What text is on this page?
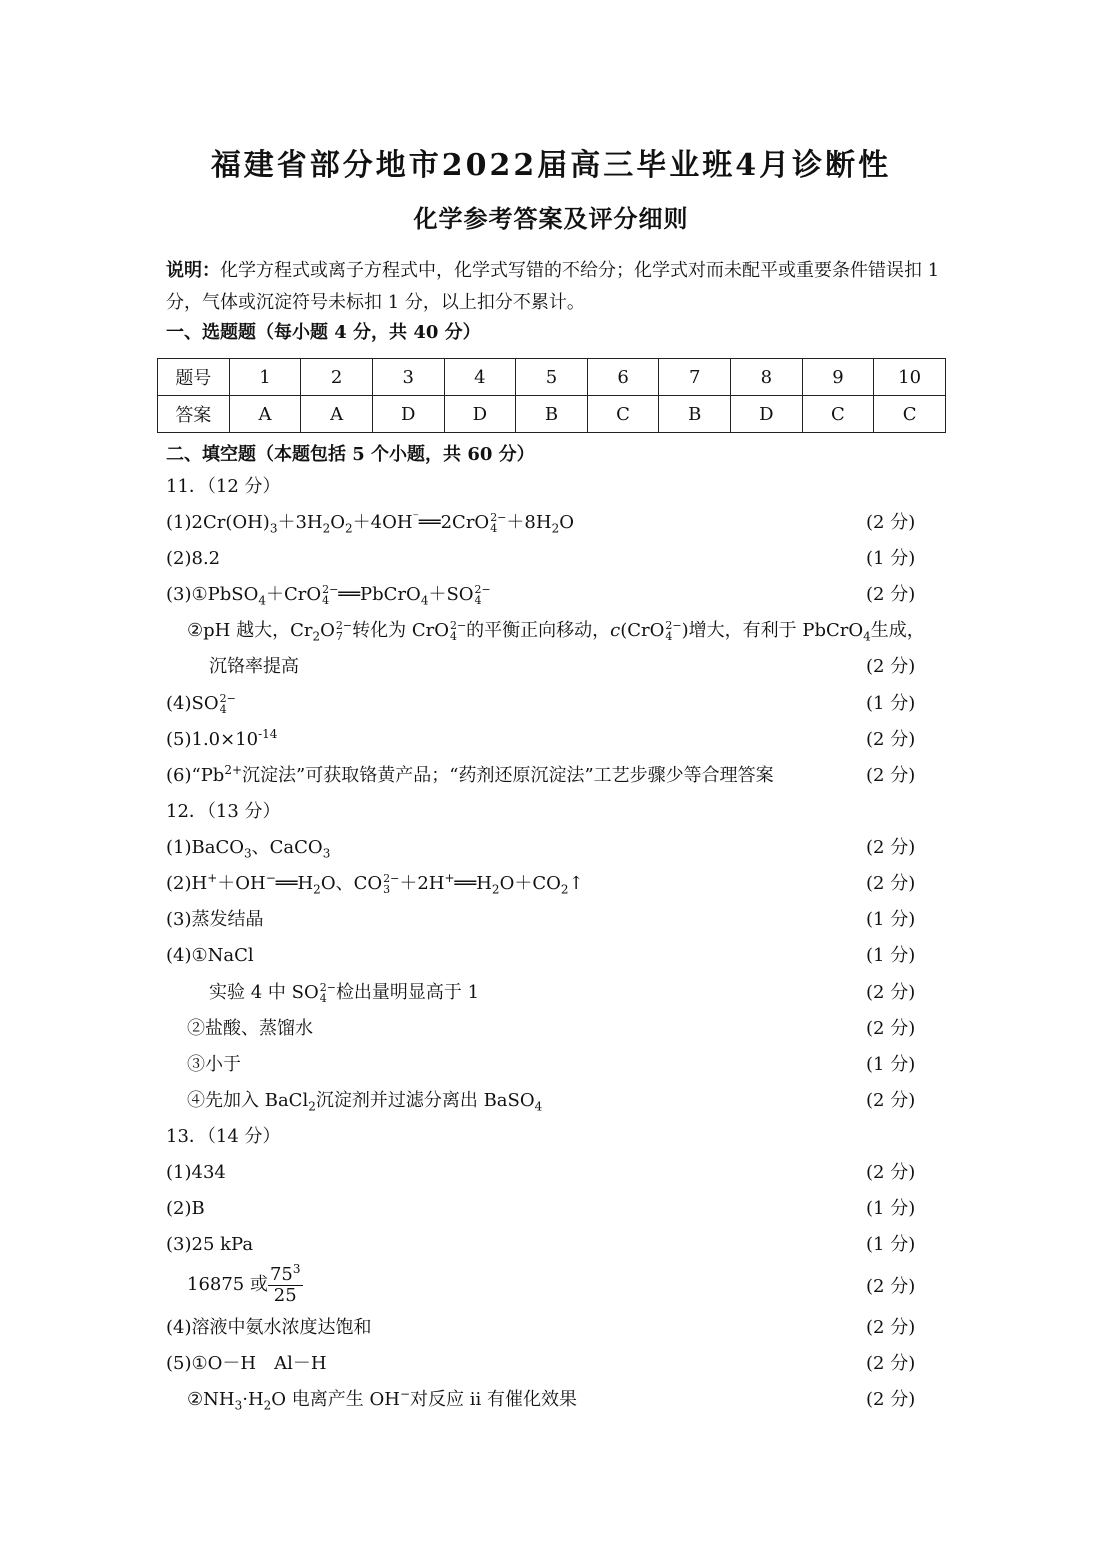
福建省部分地市2022届高三毕业班4月诊断性
化学参考答案及评分细则
说明：化学方程式或离子方程式中，化学式写错的不给分；化学式对而未配平或重要条件错误扣 1 分，气体或沉淀符号未标扣 1 分，以上扣分不累计。
一、选题题（每小题 4 分，共 40 分）
题号	1	2	3	4	5	6	7	8	9	10
答案	A	A	D	D	B	C	B	D	C	C
二、填空题（本题包括 5 个小题，共 60 分）
11．（12 分）
$(1)2Cr(OH)_3+3H_2O_2+4OH^{^-}══2CrO$ 2−
$4 +8H_2O$	(2 分)
(2)8.2	(1 分)
(3)①PbSO$_4$＋CrO 2−
4 ══PbCrO$_4$＋SO 2−
4	(2 分)
②pH 越大，$Cr_2O$ 2−
7 转化为 CrO 2−
4 的平衡正向移动，c(CrO 2−
4 )增大，有利于 PbCrO$_4$生成，
沉铬率提高	(2 分)
(4)SO 2−
4	(1 分)
$(5)1.0\times 10^{-14}$	(2 分)
$(6)“Pb^{2+}$沉淀法”可获取铬黄产品；“药剂还原沉淀法”工艺步骤少等合理答案	(2 分)
12．（13 分）
(1)BaCO$_3$、CaCO$_3$	(2 分)
$(2)H^++OH^-══H_2O$、CO 2−
$3 +2H^+══H_2O+CO_2↑$	(2 分)
(3)蒸发结晶	(1 分)
(4)①NaCl	(1 分)
实验 4 中 SO 2−
4 检出量明显高于 1	(2 分)
②盐酸、蒸馏水	(2 分)
③小于	(1 分)
④先加入 BaCl$_2$沉淀剂并过滤分离出 BaSO$_4$	(2 分)
13．（14 分）
(1)434	(2 分)
(2)B	(1 分)
(3)25 kPa	(1 分)
16875 或 $\frac{75^3}{25}$	(2 分)
(4)溶液中氨水浓度达饱和	(2 分)
(5)①O－H　Al－H	(2 分)
$②NH_3\cdot H_2O$ 电离产生 OH−对反应 ii 有催化效果	(2 分)
